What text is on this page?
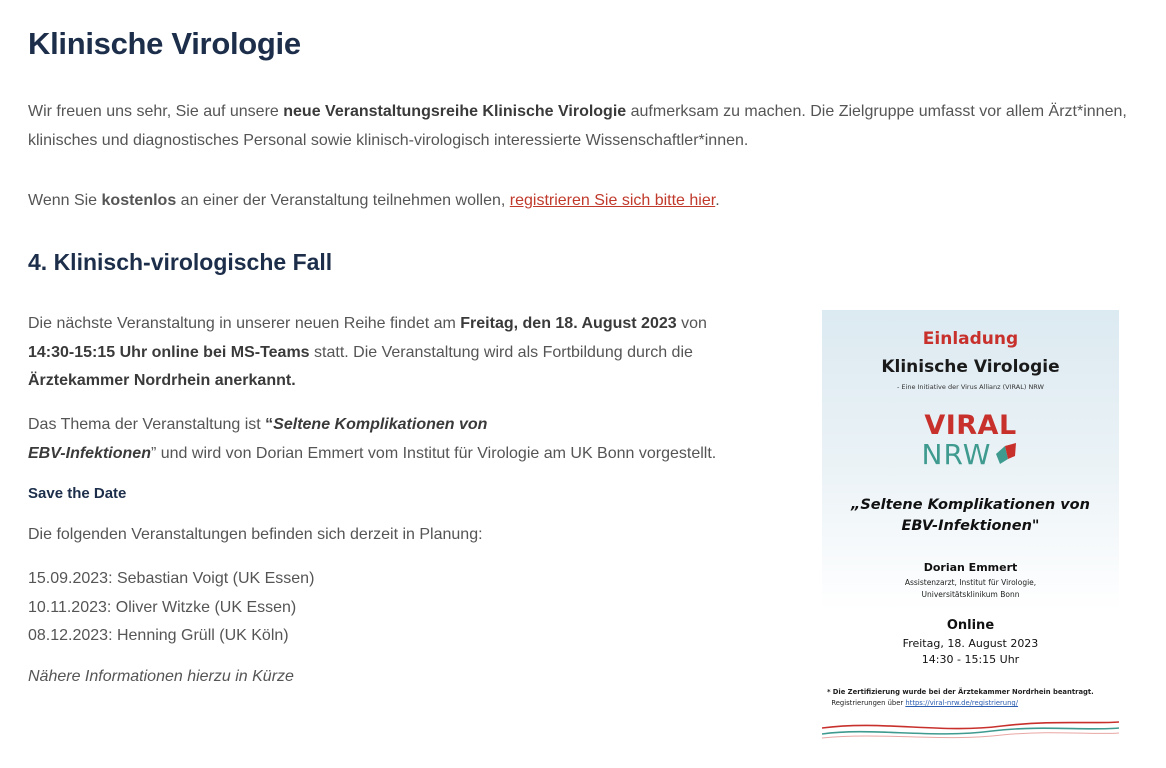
Klinische Virologie

Wir freuen uns sehr, Sie auf unsere neue Veranstaltungsreihe Klinische Virologie aufmerksam zu machen. Die Zielgruppe umfasst vor allem Ärzt*innen, klinisches und diagnostisches Personal sowie klinisch-virologisch interessierte Wissenschaftler*innen.

Wenn Sie kostenlos an einer der Veranstaltung teilnehmen wollen, registrieren Sie sich bitte hier.

4. Klinisch-virologische Fall

Die nächste Veranstaltung in unserer neuen Reihe findet am Freitag, den 18. August 2023 von 14:30-15:15 Uhr online bei MS-Teams statt. Die Veranstaltung wird als Fortbildung durch die
Ärztekammer Nordrhein anerkannt.

Das Thema der Veranstaltung ist “Seltene Komplikationen von
EBV-Infektionen” und wird von Dorian Emmert vom Institut für Virologie am UK Bonn vorgestellt.

Save the Date

Die folgenden Veranstaltungen befinden sich derzeit in Planung:

15.09.2023: Sebastian Voigt (UK Essen)
10.11.2023: Oliver Witzke (UK Essen)
08.12.2023: Henning Grüll (UK Köln)

Nähere Informationen hierzu in Kürze

Einladung
Klinische Virologie
- Eine Initiative der Virus Allianz (VIRAL) NRW
VIRAL
NRW
„Seltene Komplikationen von
EBV-Infektionen"
Dorian Emmert
Assistenzarzt, Institut für Virologie,
Universitätsklinikum Bonn
Online
Freitag, 18. August 2023
14:30 - 15:15 Uhr
* Die Zertifizierung wurde bei der Ärztekammer Nordrhein beantragt.
Registrierungen über https://viral-nrw.de/registrierung/
